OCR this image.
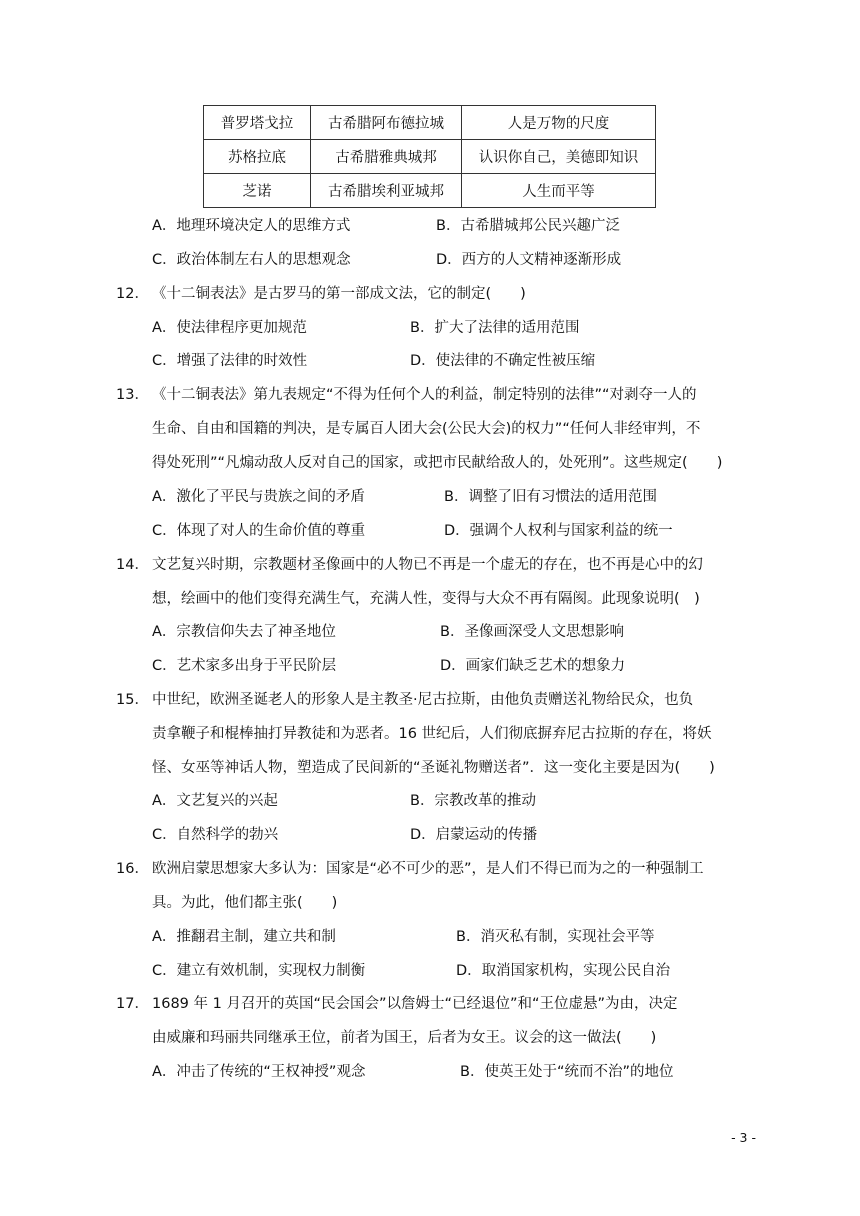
普罗塔戈拉	古希腊阿布德拉城	人是万物的尺度
苏格拉底	古希腊雅典城邦	认识你自己，美德即知识
芝诺	古希腊埃利亚城邦	人生而平等
A．地理环境决定人的思维方式	B．古希腊城邦公民兴趣广泛
C．政治体制左右人的思想观念	D．西方的人文精神逐渐形成
12． 《十二铜表法》是古罗马的第一部成文法，它的制定(　　)
A．使法律程序更加规范	B．扩大了法律的适用范围
C．增强了法律的时效性	D．使法律的不确定性被压缩
13． 《十二铜表法》第九表规定“不得为任何个人的利益，制定特别的法律”“对剥夺一人的
生命、自由和国籍的判决，是专属百人团大会(公民大会)的权力”“任何人非经审判，不
得处死刑”“凡煽动敌人反对自己的国家，或把市民献给敌人的，处死刑”。这些规定(　　)
A．激化了平民与贵族之间的矛盾	B．调整了旧有习惯法的适用范围
C．体现了对人的生命价值的尊重	D．强调个人权利与国家利益的统一
14． 文艺复兴时期，宗教题材圣像画中的人物已不再是一个虚无的存在，也不再是心中的幻
想，绘画中的他们变得充满生气，充满人性，变得与大众不再有隔阂。此现象说明(　)
A．宗教信仰失去了神圣地位	B．圣像画深受人文思想影响
C．艺术家多出身于平民阶层	D．画家们缺乏艺术的想象力
15． 中世纪，欧洲圣诞老人的形象人是主教圣·尼古拉斯，由他负责赠送礼物给民众，也负
责拿鞭子和棍棒抽打异教徒和为恶者。16 世纪后，人们彻底摒弃尼古拉斯的存在，将妖
怪、女巫等神话人物，塑造成了民间新的“圣诞礼物赠送者”．这一变化主要是因为(　　)
A．文艺复兴的兴起	B．宗教改革的推动
C．自然科学的勃兴	D．启蒙运动的传播
16． 欧洲启蒙思想家大多认为：国家是“必不可少的恶”，是人们不得已而为之的一种强制工
具。为此，他们都主张(　　)
A．推翻君主制，建立共和制	B．消灭私有制，实现社会平等
C．建立有效机制，实现权力制衡	D．取消国家机构，实现公民自治
17． 1689 年 1 月召开的英国“民会国会”以詹姆士“已经退位”和“王位虚悬”为由，决定
由威廉和玛丽共同继承王位，前者为国王，后者为女王。议会的这一做法(　　)
A．冲击了传统的“王权神授”观念	B．使英王处于“统而不治”的地位
- 3 -
